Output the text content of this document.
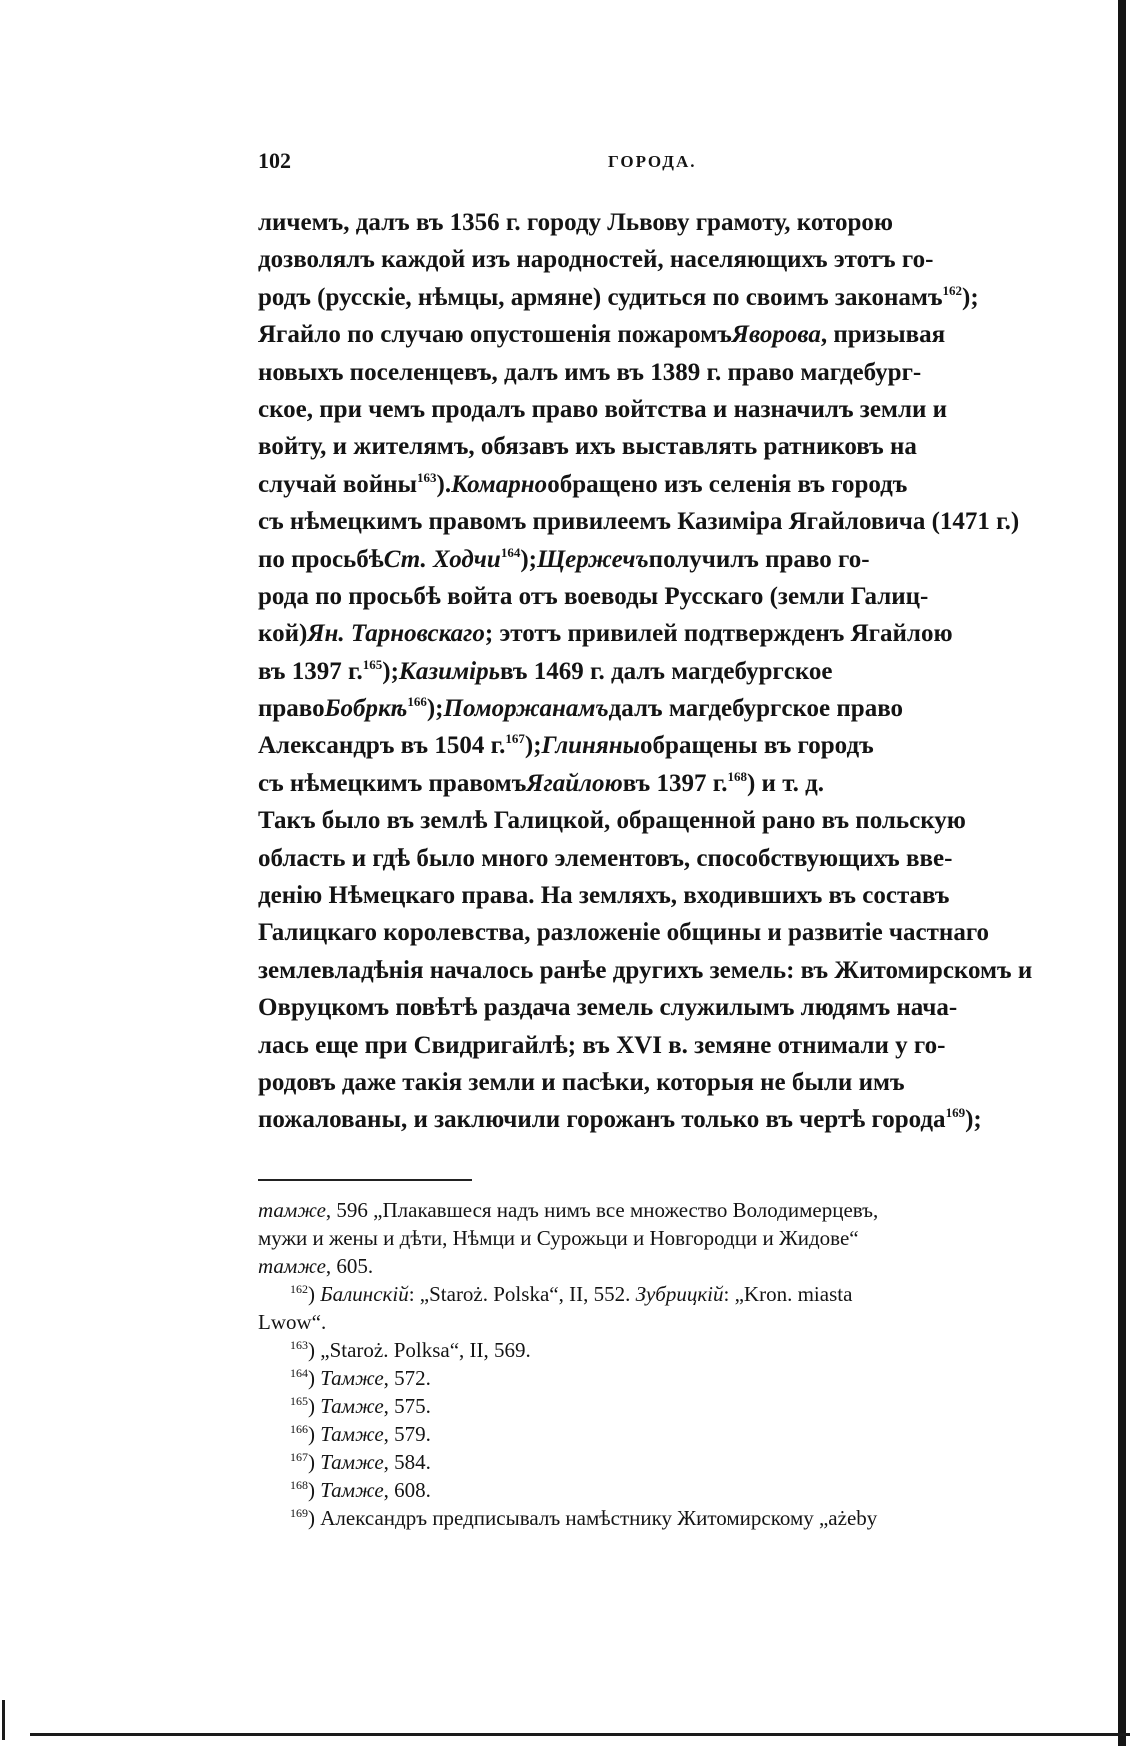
102	ГОРОДА.
личемъ, далъ въ 1356 г. городу Львову грамоту, которою
дозволялъ каждой изъ народностей, населяющихъ этотъ го-
родъ (русскіе, нѣмцы, армяне) судиться по своимъ законамъ$^{162}$);
Ягайло по случаю опустошенія пожаромъЯворова, призывая
новыхъ поселенцевъ, далъ имъ въ 1389 г. право магдебург-
ское, при чемъ продалъ право войтства и назначилъ земли и
войту, и жителямъ, обязавъ ихъ выставлять ратниковъ на
случай войны$^{163}$).Комарнообращено изъ селенія въ городъ
съ нѣмецкимъ правомъ привилеемъ Казиміра Ягайловича (1471 г.)
по просьбѣСт. Ходчи$^{164}$);Щержечъполучилъ право го-
рода по просьбѣ войта отъ воеводы Русскаго (земли Галиц-
кой)Ян. Тарновскаго; этотъ привилей подтвержденъ Ягайлою
въ 1397 г.$^{165}$);Казимірьвъ 1469 г. далъ магдебургское
правоБобркѣ$^{166}$);Поморжанамъдалъ магдебургское право
Александръ въ 1504 г.$^{167}$);Глиняныобращены въ городъ
съ нѣмецкимъ правомъЯгайлоювъ 1397 г.$^{168}$) и т. д.
Такъ было въ землѣ Галицкой, обращенной рано въ польскую
область и гдѣ было много элементовъ, способствующихъ вве-
денію Нѣмецкаго права. На земляхъ, входившихъ въ составъ
Галицкаго королевства, разложеніе общины и развитіе частнаго
землевладѣнія началось ранѣе другихъ земель: въ Житомирскомъ и
Овруцкомъ повѣтѣ раздача земель служилымъ людямъ нача-
лась еще при Свидригайлѣ; въ XVI в. земяне отнимали у го-
родовъ даже такія земли и пасѣки, которыя не были имъ
пожалованы, и заключили горожанъ только въ чертѣ города$^{169}$);
тамже, 596 „Плакавшеся надъ нимъ все множество Володимерцевъ,
мужи и жены и дѣти, Нѣмци и Сурожьци и Новгородци и Жидове“
тамже, 605.
$^{162}$) Балинскій: „Staroż. Polska“, II, 552. Зубрицкій: „Kron. miasta
Lwow“.
$^{163}$) „Staroż. Polksa“, II, 569.
$^{164}$) Тамже, 572.
$^{165}$) Тамже, 575.
$^{166}$) Тамже, 579.
$^{167}$) Тамже, 584.
$^{168}$) Тамже, 608.
$^{169}$) Александръ предписывалъ намѣстнику Житомирскому „ażeby
